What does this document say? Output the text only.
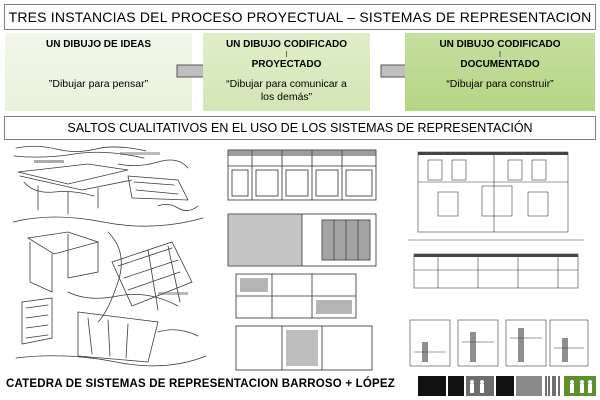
TRES INSTANCIAS DEL PROCESO PROYECTUAL – SISTEMAS DE REPRESENTACION
UN DIBUJO DE IDEAS
”Dibujar para pensar”
UN DIBUJO CODIFICADO
I
PROYECTADO
“Dibujar para comunicar a los demás”
UN DIBUJO CODIFICADO
I
DOCUMENTADO
“Dibujar para construir”
SALTOS CUALITATIVOS EN EL USO DE LOS SISTEMAS DE REPRESENTACIÓN
CATEDRA DE SISTEMAS DE REPRESENTACION BARROSO + LÓPEZ
